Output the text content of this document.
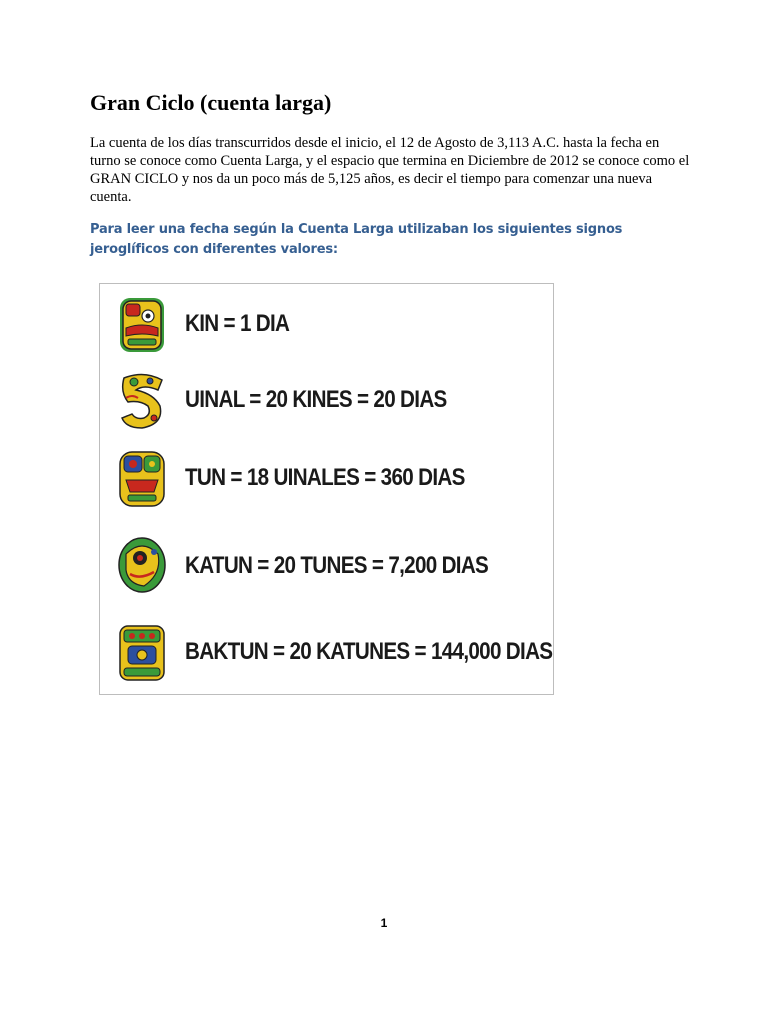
Gran Ciclo (cuenta larga)

La cuenta de los días transcurridos desde el inicio, el 12 de Agosto de 3,113 A.C. hasta la fecha en turno se conoce como Cuenta Larga, y el espacio que termina en Diciembre de 2012 se conoce como el GRAN CICLO y nos da un poco más de 5,125 años, es decir el tiempo para comenzar una nueva cuenta.

Para leer una fecha según la Cuenta Larga utilizaban los siguientes signos jeroglíficos con diferentes valores:

KIN = 1 DIA
UINAL = 20 KINES = 20 DIAS
TUN = 18 UINALES = 360 DIAS
KATUN = 20 TUNES = 7,200 DIAS
BAKTUN = 20 KATUNES = 144,000 DIAS
1
